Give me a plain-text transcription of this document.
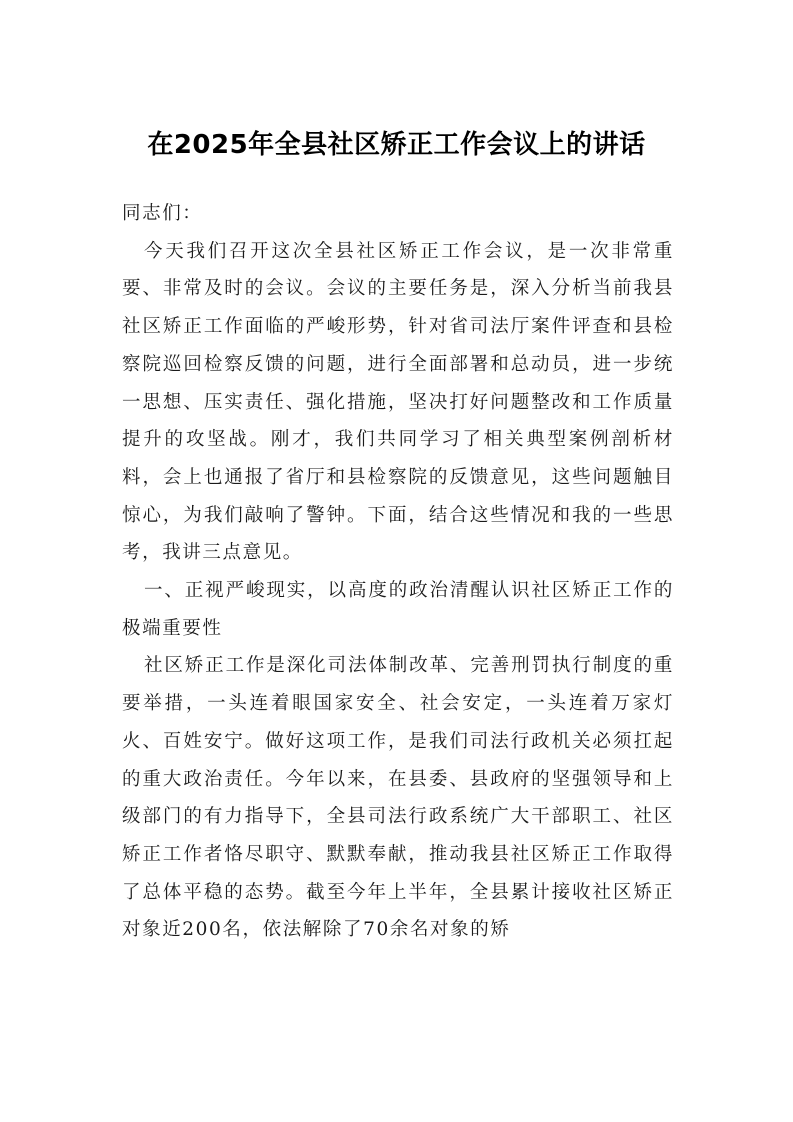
在2025年全县社区矫正工作会议上的讲话

同志们：

今天我们召开这次全县社区矫正工作会议，是一次非常重要、非常及时的会议。会议的主要任务是，深入分析当前我县社区矫正工作面临的严峻形势，针对省司法厅案件评查和县检察院巡回检察反馈的问题，进行全面部署和总动员，进一步统一思想、压实责任、强化措施，坚决打好问题整改和工作质量提升的攻坚战。刚才，我们共同学习了相关典型案例剖析材料，会上也通报了省厅和县检察院的反馈意见，这些问题触目惊心，为我们敲响了警钟。下面，结合这些情况和我的一些思考，我讲三点意见。

一、正视严峻现实，以高度的政治清醒认识社区矫正工作的极端重要性

社区矫正工作是深化司法体制改革、完善刑罚执行制度的重要举措，一头连着眼国家安全、社会安定，一头连着万家灯火、百姓安宁。做好这项工作，是我们司法行政机关必须扛起的重大政治责任。今年以来，在县委、县政府的坚强领导和上级部门的有力指导下，全县司法行政系统广大干部职工、社区矫正工作者恪尽职守、默默奉献，推动我县社区矫正工作取得了总体平稳的态势。截至今年上半年，全县累计接收社区矫正对象近200名，依法解除了70余名对象的矫
